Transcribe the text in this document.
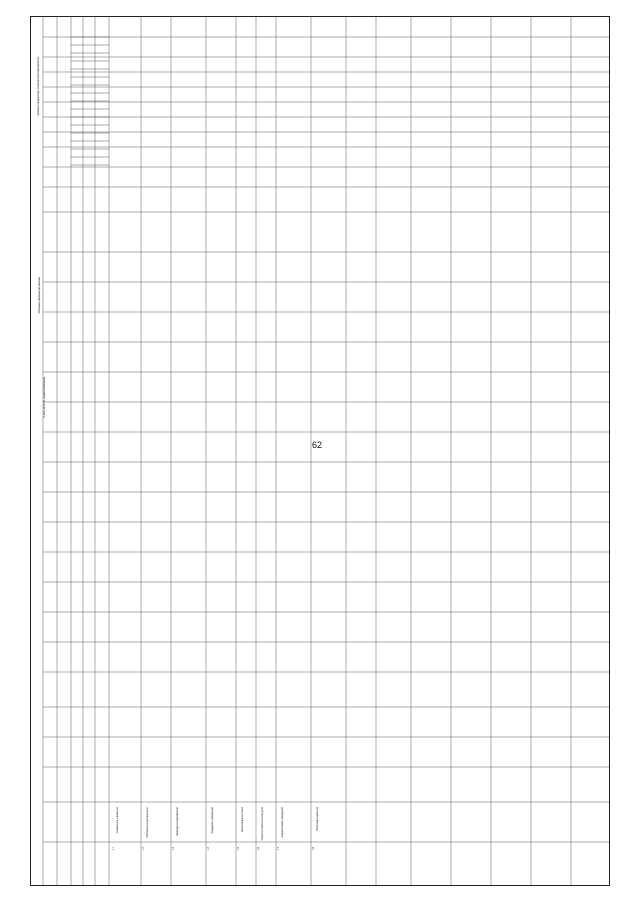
62
Объемы финансирования
в том числе по годам реализации
Целевые индикаторы (показатели) мероприятия
1.1
Сохранение и развитие
1.2
Обеспечение деятельности
1.3
Проведение мероприятий
1.4
Поддержка учреждений
1.5
Организация выставок
1.6
Развитие библиотечного дела
1.7
Модернизация учреждений
1.8
Реализация проектов
